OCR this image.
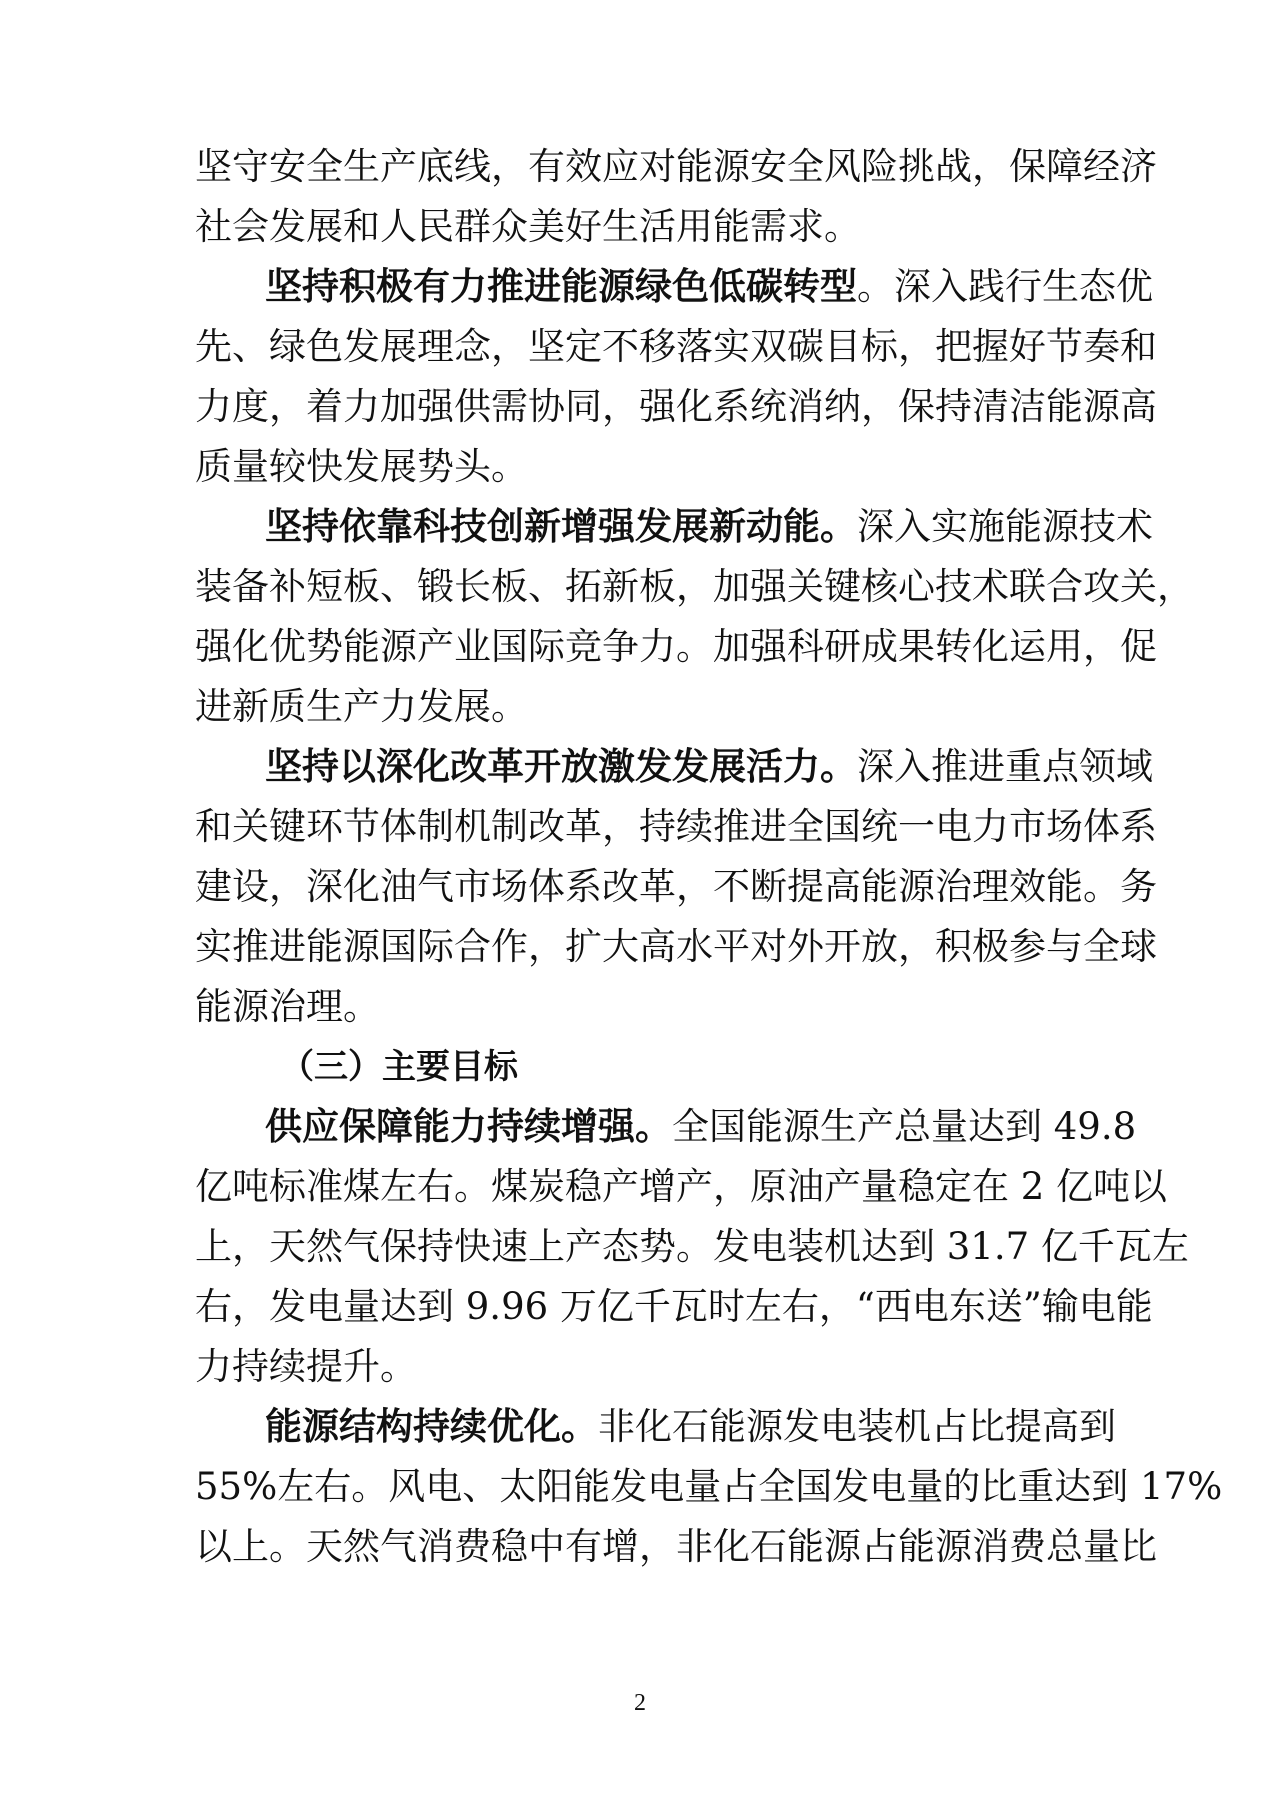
坚守安全生产底线，有效应对能源安全风险挑战，保障经济
社会发展和人民群众美好生活用能需求。
坚持积极有力推进能源绿色低碳转型。深入践行生态优
先、绿色发展理念，坚定不移落实双碳目标，把握好节奏和
力度，着力加强供需协同，强化系统消纳，保持清洁能源高
质量较快发展势头。
坚持依靠科技创新增强发展新动能。深入实施能源技术
装备补短板、锻长板、拓新板，加强关键核心技术联合攻关，
强化优势能源产业国际竞争力。加强科研成果转化运用，促
进新质生产力发展。
坚持以深化改革开放激发发展活力。深入推进重点领域
和关键环节体制机制改革，持续推进全国统一电力市场体系
建设，深化油气市场体系改革，不断提高能源治理效能。务
实推进能源国际合作，扩大高水平对外开放，积极参与全球
能源治理。
（三）主要目标
供应保障能力持续增强。全国能源生产总量达到 49.8
亿吨标准煤左右。煤炭稳产增产，原油产量稳定在 2 亿吨以
上，天然气保持快速上产态势。发电装机达到 31.7 亿千瓦左
右，发电量达到 9.96 万亿千瓦时左右，“西电东送”输电能
力持续提升。
能源结构持续优化。非化石能源发电装机占比提高到
55%左右。风电、太阳能发电量占全国发电量的比重达到 17%
以上。天然气消费稳中有增，非化石能源占能源消费总量比
2
